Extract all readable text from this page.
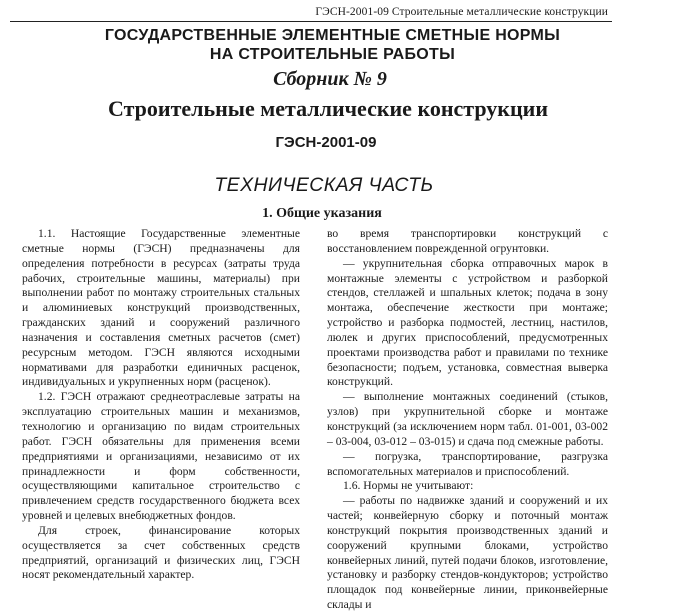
ГЭСН-2001-09 Строительные металлические конструкции
ГОСУДАРСТВЕННЫЕ ЭЛЕМЕНТНЫЕ СМЕТНЫЕ НОРМЫ
НА СТРОИТЕЛЬНЫЕ РАБОТЫ
Сборник № 9
Строительные металлические конструкции
ГЭСН-2001-09
ТЕХНИЧЕСКАЯ ЧАСТЬ
1. Общие указания

1.1. Настоящие Государственные элементные сметные нормы (ГЭСН) предназначены для определения потребности в ресурсах (затраты труда рабочих, строительные машины, материалы) при выполнении работ по монтажу строительных стальных и алюминиевых конструкций производственных, гражданских зданий и сооружений различного назначения и составления сметных расчетов (смет) ресурсным методом. ГЭСН являются исходными нормативами для разработки единичных расценок, индивидуальных и укрупненных норм (расценок).

1.2. ГЭСН отражают среднеотраслевые затраты на эксплуатацию строительных машин и механизмов, технологию и организацию по видам строительных работ. ГЭСН обязательны для применения всеми предприятиями и организациями, независимо от их принадлежности и форм собственности, осуществляющими капитальное строительство с привлечением средств государственного бюджета всех уровней и целевых внебюджетных фондов.

Для строек, финансирование которых осуществляется за счет собственных средств предприятий, организаций и физических лиц, ГЭСН носят рекомендательный характер.

во время транспортировки конструкций с восстановлением поврежденной огрунтовки.

— укрупнительная сборка отправочных марок в монтажные элементы с устройством и разборкой стендов, стеллажей и шпальных клеток; подача в зону монтажа, обеспечение жесткости при монтаже; устройство и разборка подмостей, лестниц, настилов, люлек и других приспособлений, предусмотренных проектами производства работ и правилами по технике безопасности; подъем, установка, совместная выверка конструкций.

— выполнение монтажных соединений (стыков, узлов) при укрупнительной сборке и монтаже конструкций (за исключением норм табл. 01-001, 03-002 – 03-004, 03-012 – 03-015) и сдача под смежные работы.

— погрузка, транспортирование, разгрузка вспомогательных материалов и приспособлений.

1.6. Нормы не учитывают:

— работы по надвижке зданий и сооружений и их частей; конвейерную сборку и поточный монтаж конструкций покрытия производственных зданий и сооружений крупными блоками, устройство конвейерных линий, путей подачи блоков, изготовление, установку и разборку стендов-кондукторов; устройство площадок под конвейерные линии, приконвейерные склады и
